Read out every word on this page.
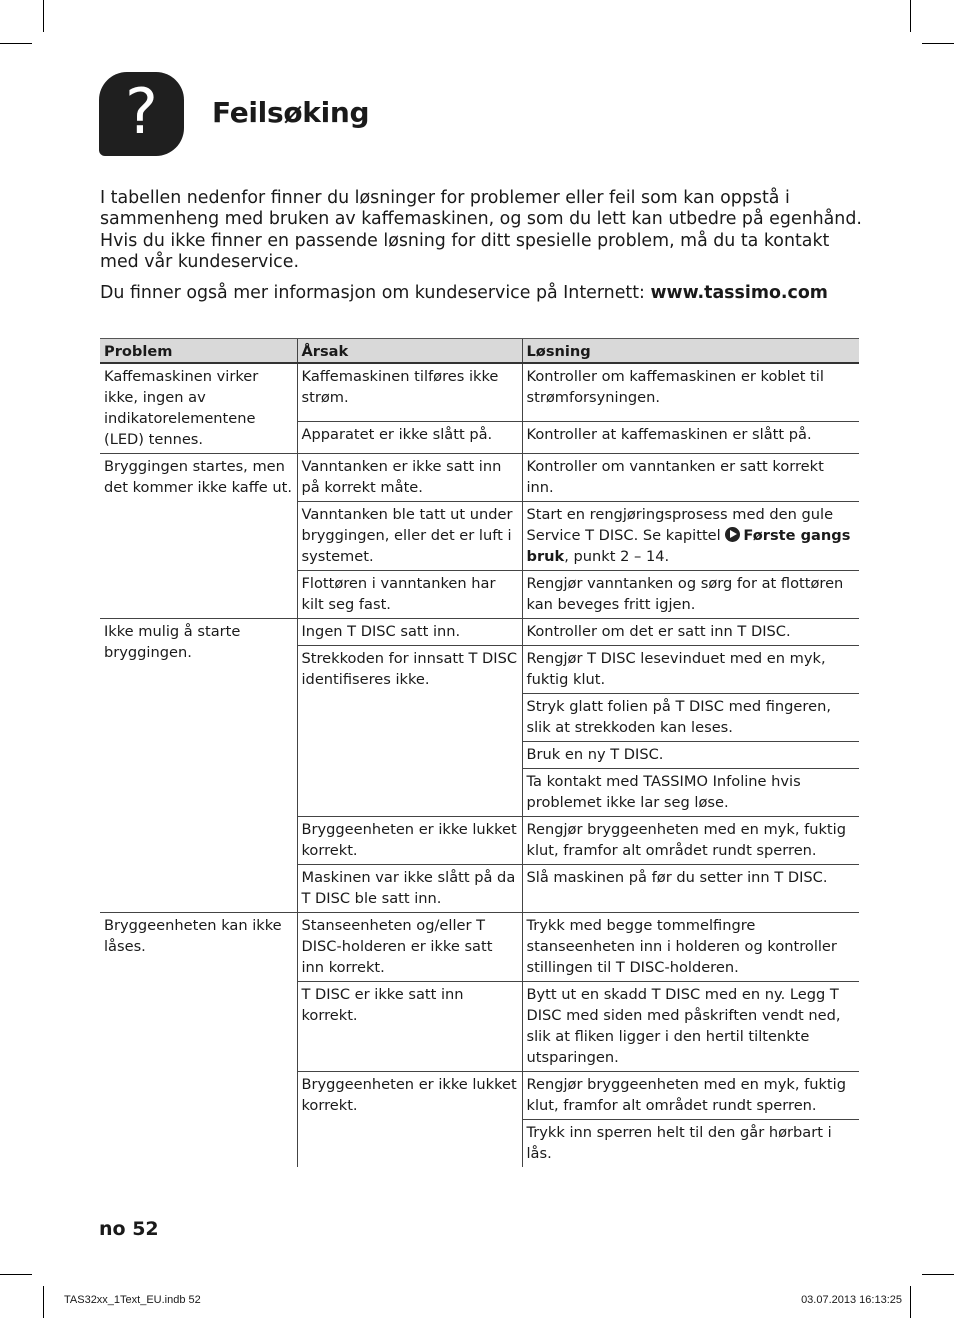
?	Feilsøking

I tabellen nedenfor finner du løsninger for problemer eller feil som kan oppstå i sammenheng med bruken av kaffemaskinen, og som du lett kan utbedre på egenhånd. Hvis du ikke finner en passende løsning for ditt spesielle problem, må du ta kontakt med vår kundeservice.

Du finner også mer informasjon om kundeservice på Internett: www.tassimo.com

Problem	Årsak	Løsning
Kaffemaskinen virker ikke, ingen av indikatorelementene (LED) tennes.	Kaffemaskinen tilføres ikke strøm.	Kontroller om kaffemaskinen er koblet til strømforsyningen.
	Apparatet er ikke slått på.	Kontroller at kaffemaskinen er slått på.
Bryggingen startes, men det kommer ikke kaffe ut.	Vanntanken er ikke satt inn på korrekt måte.	Kontroller om vanntanken er satt korrekt inn.
	Vanntanken ble tatt ut under bryggingen, eller det er luft i systemet.	Start en rengjøringsprosess med den gule Service T DISC. Se kapittel Første gangs bruk, punkt 2 – 14.
	Flottøren i vanntanken har kilt seg fast.	Rengjør vanntanken og sørg for at flottøren kan beveges fritt igjen.
Ikke mulig å starte bryggingen.	Ingen T DISC satt inn.	Kontroller om det er satt inn T DISC.
	Strekkoden for innsatt T DISC identifiseres ikke.	Rengjør T DISC lesevinduet med en myk, fuktig klut.
		Stryk glatt folien på T DISC med fingeren, slik at strekkoden kan leses.
		Bruk en ny T DISC.
		Ta kontakt med TASSIMO Infoline hvis problemet ikke lar seg løse.
	Bryggeenheten er ikke lukket korrekt.	Rengjør bryggeenheten med en myk, fuktig klut, framfor alt området rundt sperren.
	Maskinen var ikke slått på da T DISC ble satt inn.	Slå maskinen på før du setter inn T DISC.
Bryggeenheten kan ikke låses.	Stanseenheten og/eller T DISC-holderen er ikke satt inn korrekt.	Trykk med begge tommelfingre stanseenheten inn i holderen og kontroller stillingen til T DISC-holderen.
	T DISC er ikke satt inn korrekt.	Bytt ut en skadd T DISC med en ny. Legg T DISC med siden med påskriften vendt ned, slik at fliken ligger i den hertil tiltenkte utsparingen.
	Bryggeenheten er ikke lukket korrekt.	Rengjør bryggeenheten med en myk, fuktig klut, framfor alt området rundt sperren.
		Trykk inn sperren helt til den går hørbart i lås.
no 52
TAS32xx_1Text_EU.indb 52	03.07.2013 16:13:25
